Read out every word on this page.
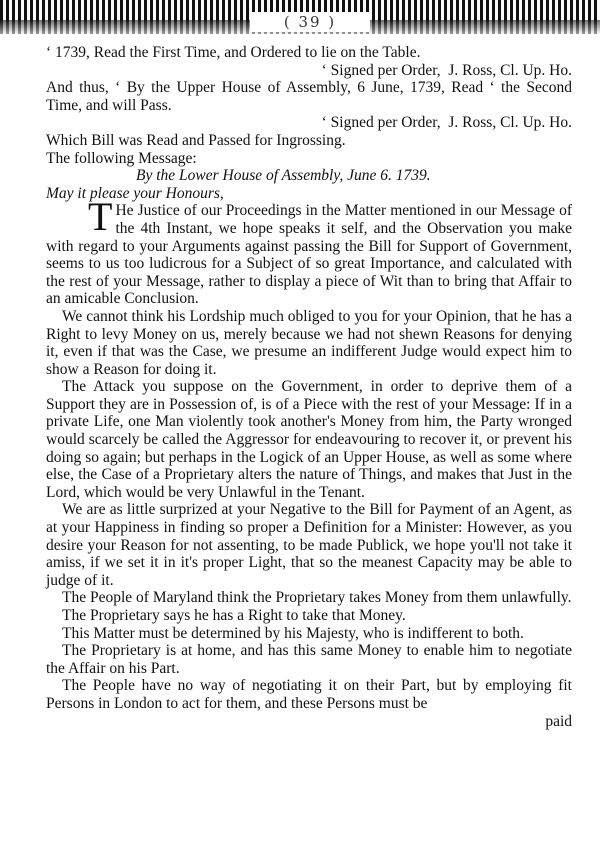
( 39 )

‘ 1739, Read the First Time, and Ordered to lie on the Table.

‘ Signed per Order,  J. Ross, Cl. Up. Ho.

And thus, ‘ By the Upper House of Assembly, 6 June, 1739, Read ‘ the Second Time, and will Pass.

‘ Signed per Order,  J. Ross, Cl. Up. Ho.

Which Bill was Read and Passed for Ingrossing.

The following Message:

By the Lower House of Assembly, June 6. 1739.

May it please your Honours,

T He Justice of our Proceedings in the Matter mentioned in our Message of the 4th Instant, we hope speaks it self, and the Observation you make with regard to your Arguments against passing the Bill for Support of Government, seems to us too ludicrous for a Subject of so great Importance, and calculated with the rest of your Message, rather to display a piece of Wit than to bring that Affair to an amicable Conclusion.

We cannot think his Lordship much obliged to you for your Opinion, that he has a Right to levy Money on us, merely because we had not shewn Reasons for denying it, even if that was the Case, we presume an indifferent Judge would expect him to show a Reason for doing it.

The Attack you suppose on the Government, in order to deprive them of a Support they are in Possession of, is of a Piece with the rest of your Message: If in a private Life, one Man violently took another's Money from him, the Party wronged would scarcely be called the Aggressor for endeavouring to recover it, or prevent his doing so again; but perhaps in the Logick of an Upper House, as well as some where else, the Case of a Proprietary alters the nature of Things, and makes that Just in the Lord, which would be very Unlawful in the Tenant.

We are as little surprized at your Negative to the Bill for Payment of an Agent, as at your Happiness in finding so proper a Definition for a Minister: However, as you desire your Reason for not assenting, to be made Publick, we hope you'll not take it amiss, if we set it in it's proper Light, that so the meanest Capacity may be able to judge of it.

The People of Maryland think the Proprietary takes Money from them unlawfully.

The Proprietary says he has a Right to take that Money.

This Matter must be determined by his Majesty, who is indifferent to both.

The Proprietary is at home, and has this same Money to enable him to negotiate the Affair on his Part.

The People have no way of negotiating it on their Part, but by employing fit Persons in London to act for them, and these Persons must be

paid
